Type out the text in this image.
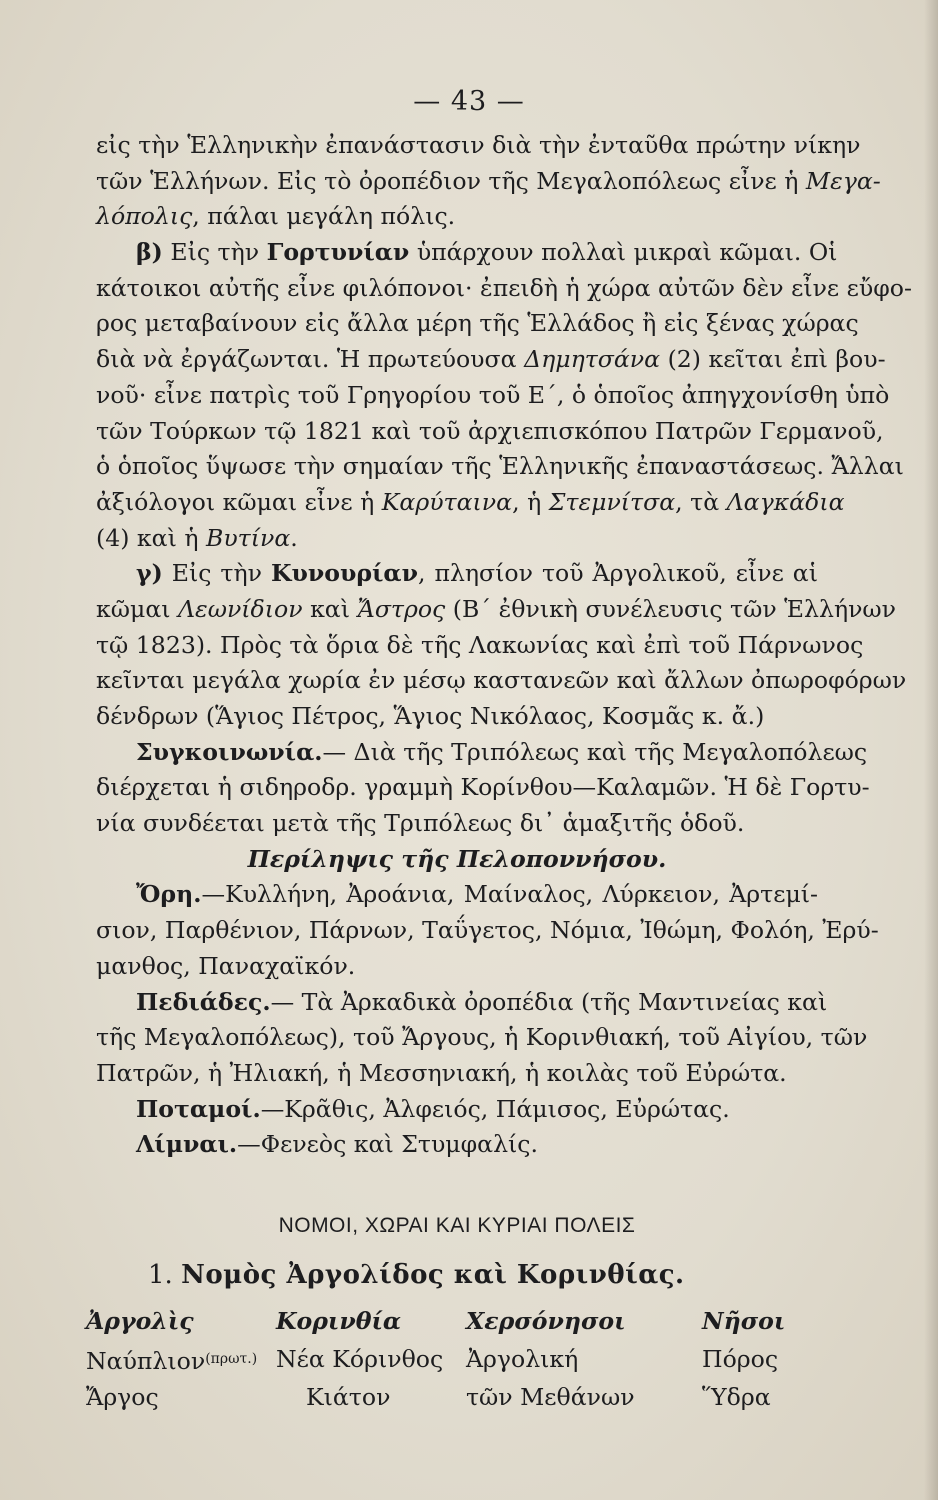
— 43 —
εἰς τὴν Ἑλληνικὴν ἐπανάστασιν διὰ τὴν ἐνταῦθα πρώτην νίκην
τῶν Ἑλλήνων. Εἰς τὸ ὀροπέδιον τῆς Μεγαλοπόλεως εἶνε ἡ Μεγα-
λόπολις, πάλαι μεγάλη πόλις.
β) Εἰς τὴν Γορτυνίαν ὑπάρχουν πολλαὶ μικραὶ κῶμαι. Οἱ
κάτοικοι αὐτῆς εἶνε φιλόπονοι· ἐπειδὴ ἡ χώρα αὐτῶν δὲν εἶνε εὔφο-
ρος μεταβαίνουν εἰς ἄλλα μέρη τῆς Ἑλλάδος ἢ εἰς ξένας χώρας
διὰ νὰ ἐργάζωνται. Ἡ πρωτεύουσα Δημητσάνα (2) κεῖται ἐπὶ βου-
νοῦ· εἶνε πατρὶς τοῦ Γρηγορίου τοῦ Ε΄, ὁ ὁποῖος ἀπηγχονίσθη ὑπὸ
τῶν Τούρκων τῷ 1821 καὶ τοῦ ἀρχιεπισκόπου Πατρῶν Γερμανοῦ,
ὁ ὁποῖος ὕψωσε τὴν σημαίαν τῆς Ἑλληνικῆς ἐπαναστάσεως. Ἄλλαι
ἀξιόλογοι κῶμαι εἶνε ἡ Καρύταινα, ἡ Στεμνίτσα, τὰ Λαγκάδια
(4) καὶ ἡ Βυτίνα.
γ) Εἰς τὴν Κυνουρίαν, πλησίον τοῦ Ἀργολικοῦ, εἶνε αἱ
κῶμαι Λεωνίδιον καὶ Ἄστρος (Β΄ ἐθνικὴ συνέλευσις τῶν Ἑλλήνων
τῷ 1823). Πρὸς τὰ ὅρια δὲ τῆς Λακωνίας καὶ ἐπὶ τοῦ Πάρνωνος
κεῖνται μεγάλα χωρία ἐν μέσῳ καστανεῶν καὶ ἄλλων ὀπωροφόρων
δένδρων (Ἅγιος Πέτρος, Ἅγιος Νικόλαος, Κοσμᾶς κ. ἄ.)
Συγκοινωνία.— Διὰ τῆς Τριπόλεως καὶ τῆς Μεγαλοπόλεως
διέρχεται ἡ σιδηροδρ. γραμμὴ Κορίνθου—Καλαμῶν. Ἡ δὲ Γορτυ-
νία συνδέεται μετὰ τῆς Τριπόλεως δι᾿ ἁμαξιτῆς ὁδοῦ.
Περίληψις τῆς Πελοποννήσου.
Ὄρη.—Κυλλήνη, Ἀροάνια, Μαίναλος, Λύρκειον, Ἀρτεμί-
σιον, Παρθένιον, Πάρνων, Ταΰγετος, Νόμια, Ἰθώμη, Φολόη, Ἐρύ-
μανθος, Παναχαϊκόν.
Πεδιάδες.— Τὰ Ἀρκαδικὰ ὀροπέδια (τῆς Μαντινείας καὶ
τῆς Μεγαλοπόλεως), τοῦ Ἄργους, ἡ Κορινθιακή, τοῦ Αἰγίου, τῶν
Πατρῶν, ἡ Ἠλιακή, ἡ Μεσσηνιακή, ἡ κοιλὰς τοῦ Εὐρώτα.
Ποταμοί.—Κρᾶθις, Ἀλφειός, Πάμισος, Εὐρώτας.
Λίμναι.—Φενεὸς καὶ Στυμφαλίς.
ΝΟΜΟΙ, ΧΩΡΑΙ ΚΑΙ ΚΥΡΙΑΙ ΠΟΛΕΙΣ
1. Νομὸς Ἀργολίδος καὶ Κορινθίας.
Ἀργολὶς
Ναύπλιον$^{(\pi\rho\omega\tau.)}$
Ἄργος
Κορινθία
Νέα Κόρινθος
Κιάτον
Χερσόνησοι
Ἀργολική
τῶν Μεθάνων
Νῆσοι
Πόρος
Ὕδρα
